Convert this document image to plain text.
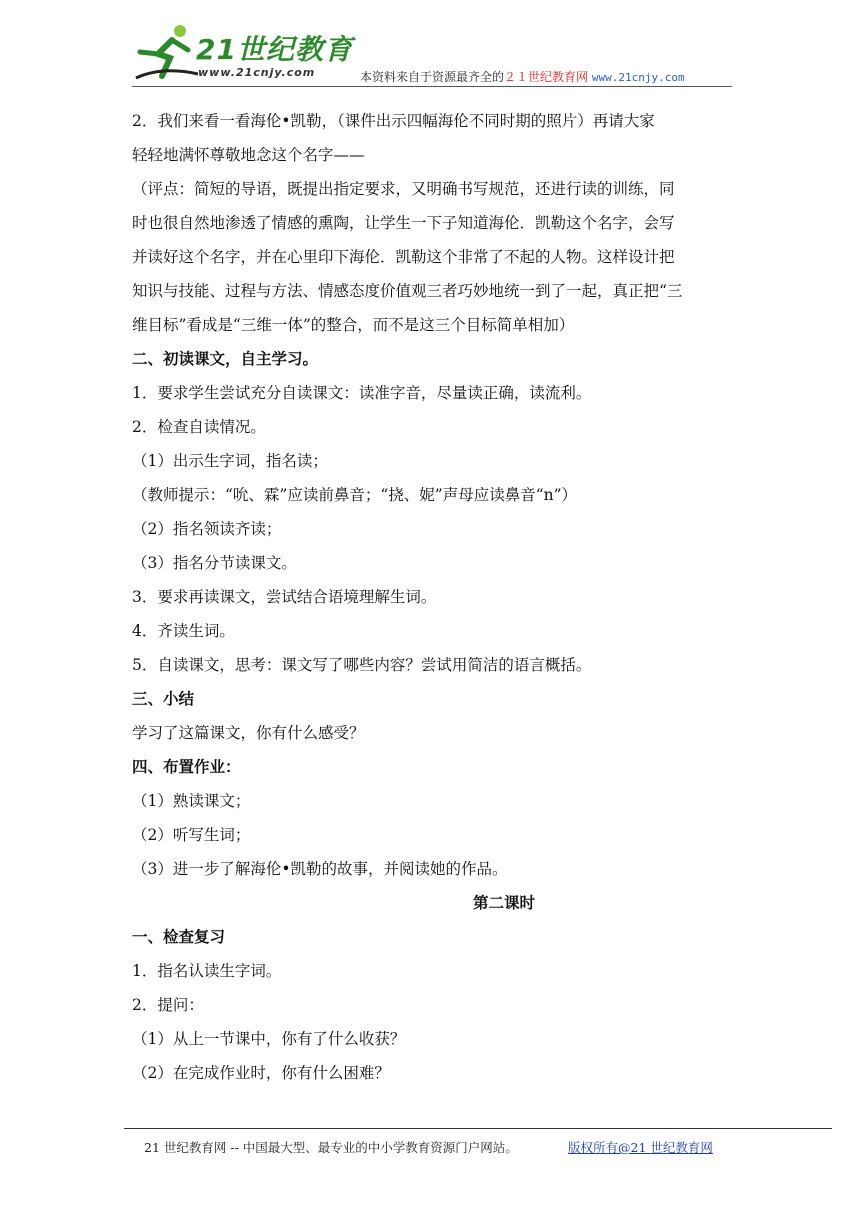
21世纪教育
www.21cnjy.com	本资料来自于资源最齐全的２１世纪教育网 www.21cnjy.com

2．我们来看一看海伦•凯勒，（课件出示四幅海伦不同时期的照片）再请大家

轻轻地满怀尊敬地念这个名字——

（评点：简短的导语，既提出指定要求，又明确书写规范，还进行读的训练，同

时也很自然地渗透了情感的熏陶，让学生一下子知道海伦．凯勒这个名字，会写

并读好这个名字，并在心里印下海伦．凯勒这个非常了不起的人物。这样设计把

知识与技能、过程与方法、情感态度价值观三者巧妙地统一到了一起，真正把“三

维目标”看成是“三维一体”的整合，而不是这三个目标简单相加）

二、初读课文，自主学习。

1．要求学生尝试充分自读课文：读准字音，尽量读正确，读流利。

2．检查自读情况。

（1）出示生字词，指名读；

（教师提示：“吮、霖”应读前鼻音；“挠、妮”声母应读鼻音“n”）

（2）指名领读齐读；

（3）指名分节读课文。

3．要求再读课文，尝试结合语境理解生词。

4．齐读生词。

5．自读课文，思考：课文写了哪些内容？尝试用简洁的语言概括。

三、小结

学习了这篇课文，你有什么感受？

四、布置作业：

（1）熟读课文；

（2）听写生词；

（3）进一步了解海伦•凯勒的故事，并阅读她的作品。

第二课时

一、检查复习

1．指名认读生字词。

2．提问：

（1）从上一节课中，你有了什么收获？

（2）在完成作业时，你有什么困难？

21 世纪教育网 -- 中国最大型、最专业的中小学教育资源门户网站。	版权所有@21 世纪教育网
